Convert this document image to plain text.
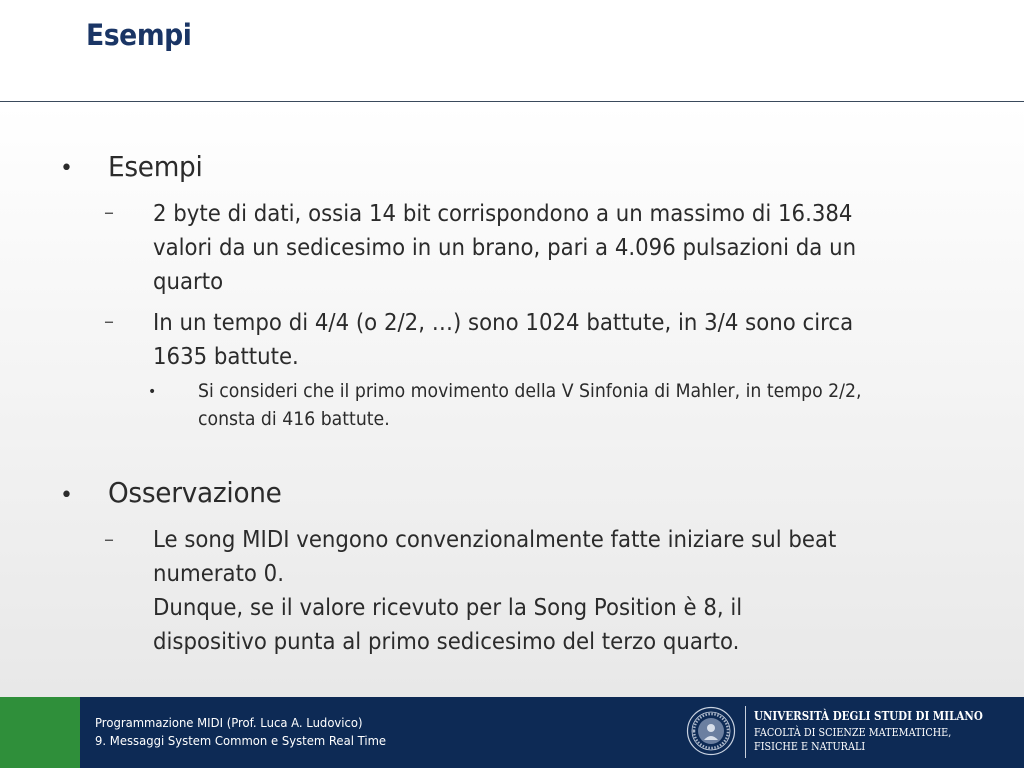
Esempi
• Esempi
– 2 byte di dati, ossia 14 bit corrispondono a un massimo di 16.384
valori da un sedicesimo in un brano, pari a 4.096 pulsazioni da un
quarto
– In un tempo di 4/4 (o 2/2, …) sono 1024 battute, in 3/4 sono circa
1635 battute.
• Si consideri che il primo movimento della V Sinfonia di Mahler, in tempo 2/2,
consta di 416 battute.
• Osservazione
– Le song MIDI vengono convenzionalmente fatte iniziare sul beat
numerato 0.
Dunque, se il valore ricevuto per la Song Position è 8, il
dispositivo punta al primo sedicesimo del terzo quarto.
Programmazione MIDI (Prof. Luca A. Ludovico)
9. Messaggi System Common e System Real Time
UNIVERSITÀ DEGLI STUDI DI MILANO
FACOLTÀ DI SCIENZE MATEMATICHE,
FISICHE E NATURALI
